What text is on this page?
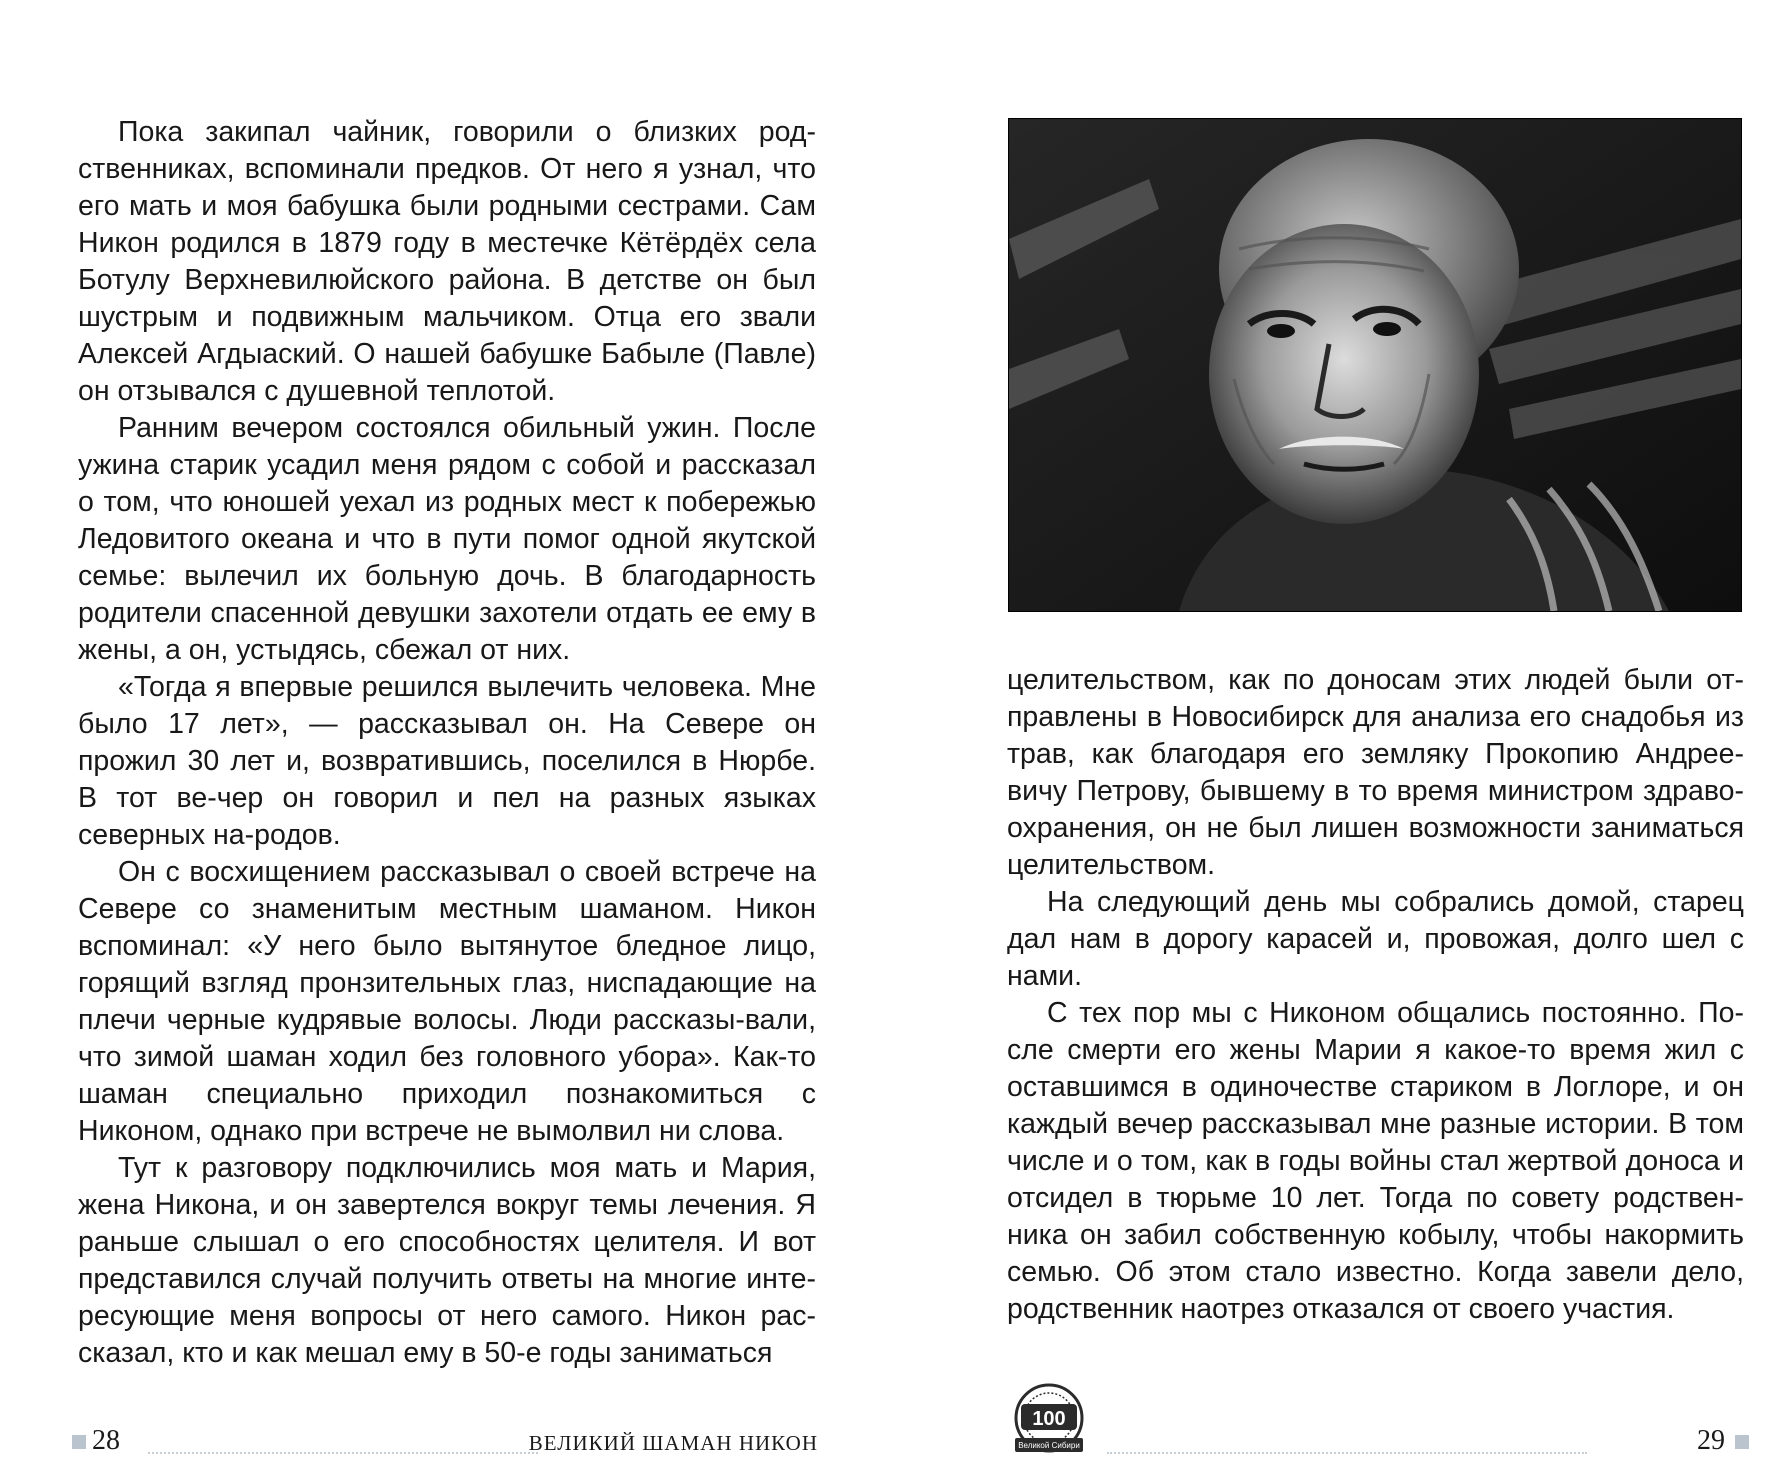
Пока закипал чайник, говорили о близких род-ственниках, вспоминали предков. От него я узнал, что его мать и моя бабушка были родными сестрами. Сам Никон родился в 1879 году в местечке Кётёрдёх села Ботулу Верхневилюйского района. В детстве он был шустрым и подвижным мальчиком. Отца его звали Алексей Агдыаский. О нашей бабушке Бабыле (Павле) он отзывался с душевной теплотой.

Ранним вечером состоялся обильный ужин. После ужина старик усадил меня рядом с собой и рассказал о том, что юношей уехал из родных мест к побережью Ледовитого океана и что в пути помог одной якутской семье: вылечил их больную дочь. В благодарность родители спасенной девушки захотели отдать ее ему в жены, а он, устыдясь, сбежал от них.

«Тогда я впервые решился вылечить человека. Мне было 17 лет», — рассказывал он. На Севере он прожил 30 лет и, возвратившись, поселился в Нюрбе. В тот ве-чер он говорил и пел на разных языках северных на-родов.

Он с восхищением рассказывал о своей встрече на Севере со знаменитым местным шаманом. Никон вспоминал: «У него было вытянутое бледное лицо, горящий взгляд пронзительных глаз, ниспадающие на плечи черные кудрявые волосы. Люди рассказы-вали, что зимой шаман ходил без головного убора». Как-то шаман специально приходил познакомиться с Никоном, однако при встрече не вымолвил ни слова.

Тут к разговору подключились моя мать и Мария, жена Никона, и он завертелся вокруг темы лечения. Я раньше слышал о его способностях целителя. И вот представился случай получить ответы на многие инте-ресующие меня вопросы от него самого. Никон рас-сказал, кто и как мешал ему в 50-е годы заниматься

28	ВЕЛИКИЙ ШАМАН НИКОН

целительством, как по доносам этих людей были от-правлены в Новосибирск для анализа его снадобья из трав, как благодаря его земляку Прокопию Андрее-вичу Петрову, бывшему в то время министром здраво-охранения, он не был лишен возможности заниматься целительством.

На следующий день мы собрались домой, старец дал нам в дорогу карасей и, провожая, долго шел с нами.

С тех пор мы с Никоном общались постоянно. По-сле смерти его жены Марии я какое-то время жил с оставшимся в одиночестве стариком в Логлоре, и он каждый вечер рассказывал мне разные истории. В том числе и о том, как в годы войны стал жертвой доноса и отсидел в тюрьме 10 лет. Тогда по совету родствен-ника он забил собственную кобылу, чтобы накормить семью. Об этом стало известно. Когда завели дело, родственник наотрез отказался от своего участия.

100
Великой Сибири	29
